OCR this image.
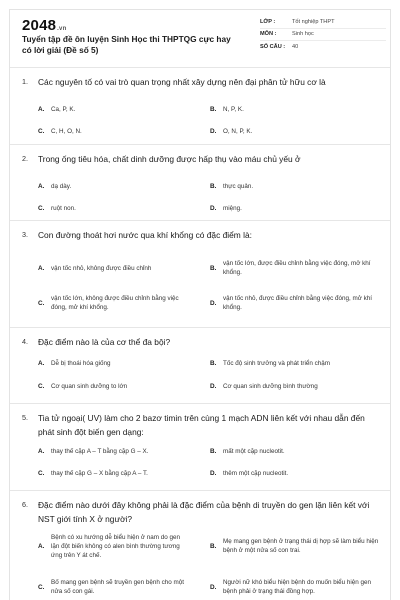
2048.vn
Tuyển tập đề ôn luyện Sinh Học thi THPTQG cực hay có lời giải (Đề số 5)
LỚP :	Tốt nghiệp THPT
MÔN :	Sinh học
SỐ CÂU :	40
1.	Các nguyên tố có vai trò quan trọng nhất xây dựng nên đại phân tử hữu cơ là
A.	Ca, P, K.	B.	N, P, K.
C.	C, H, O, N.	D.	O, N, P, K.
2.	Trong ống tiêu hóa, chất dinh dưỡng được hấp thụ vào máu chủ yếu ở
A.	dạ dày.	B.	thực quản.
C.	ruột non.	D.	miệng.
3.	Con đường thoát hơi nước qua khí khổng có đặc điểm là:
A.	vận tốc nhỏ, không được điều chỉnh	B.
vận tốc lớn, được điều chỉnh bằng việc đóng, mở khí khổng.
C.
vận tốc lớn, không được điều chỉnh bằng việc đóng, mở khí khổng.
D.
vận tốc nhỏ, được điều chỉnh bằng việc đóng, mở khí khổng.
4.	Đặc điểm nào là của cơ thể đa bội?
A.	Dễ bị thoái hóa giống	B.	Tốc độ sinh trưởng và phát triển chậm
C.	Cơ quan sinh dưỡng to lớn	D.	Cơ quan sinh dưỡng bình thường
5.	Tia tử ngoại( UV) làm cho 2 bazơ timin trên cùng 1 mạch ADN liên kết với nhau dẫn đến phát sinh đột biến gen dạng:
A.	thay thế cặp A – T bằng cặp G – X.	B.	mất một cặp nucleotit.
C.	thay thế cặp G – X bằng cặp A – T.	D.	thêm một cặp nucleotit.
6.	Đặc điểm nào dưới đây không phải là đặc điểm của bệnh di truyền do gen lặn liên kết với NST giới tính X ở người?
A.
Bệnh có xu hướng dễ biểu hiện ở nam do gen lặn đột biến không có alen bình thường tương ứng trên Y át chế.
B.
Mẹ mang gen bệnh ở trạng thái dị hợp sẽ làm biểu hiện bệnh ở một nửa số con trai.
C.
Bố mang gen bệnh sẽ truyền gen bệnh cho một nửa số con gái.
D.
Người nữ khó biểu hiện bệnh do muốn biểu hiện gen bệnh phải ở trạng thái đồng hợp.
